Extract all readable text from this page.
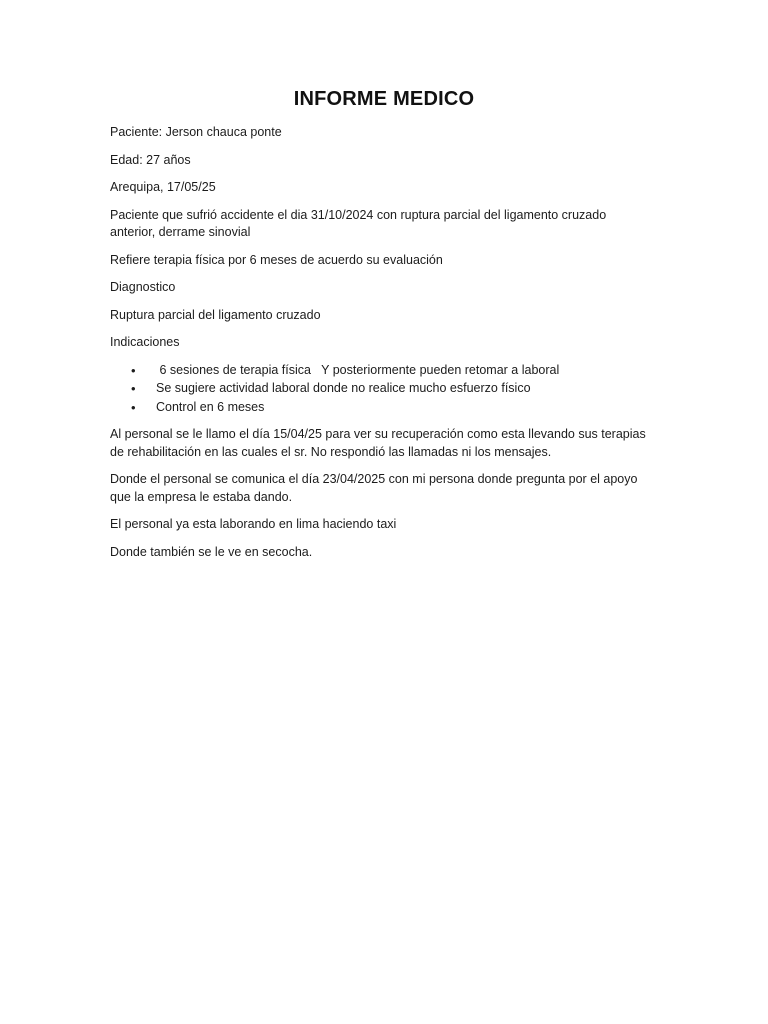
INFORME MEDICO

Paciente: Jerson chauca ponte

Edad: 27 años

Arequipa, 17/05/25

Paciente que sufrió accidente el dia 31/10/2024 con ruptura parcial del ligamento cruzado anterior, derrame sinovial

Refiere terapia física por 6 meses de acuerdo su evaluación

Diagnostico

Ruptura parcial del ligamento cruzado

Indicaciones

• 6 sesiones de terapia física   Y posteriormente pueden retomar a laboral
• Se sugiere actividad laboral donde no realice mucho esfuerzo físico
• Control en 6 meses

Al personal se le llamo el día 15/04/25 para ver su recuperación como esta llevando sus terapias de rehabilitación en las cuales el sr. No respondió las llamadas ni los mensajes.

Donde el personal se comunica el día 23/04/2025 con mi persona donde pregunta por el apoyo que la empresa le estaba dando.

El personal ya esta laborando en lima haciendo taxi

Donde también se le ve en secocha.
